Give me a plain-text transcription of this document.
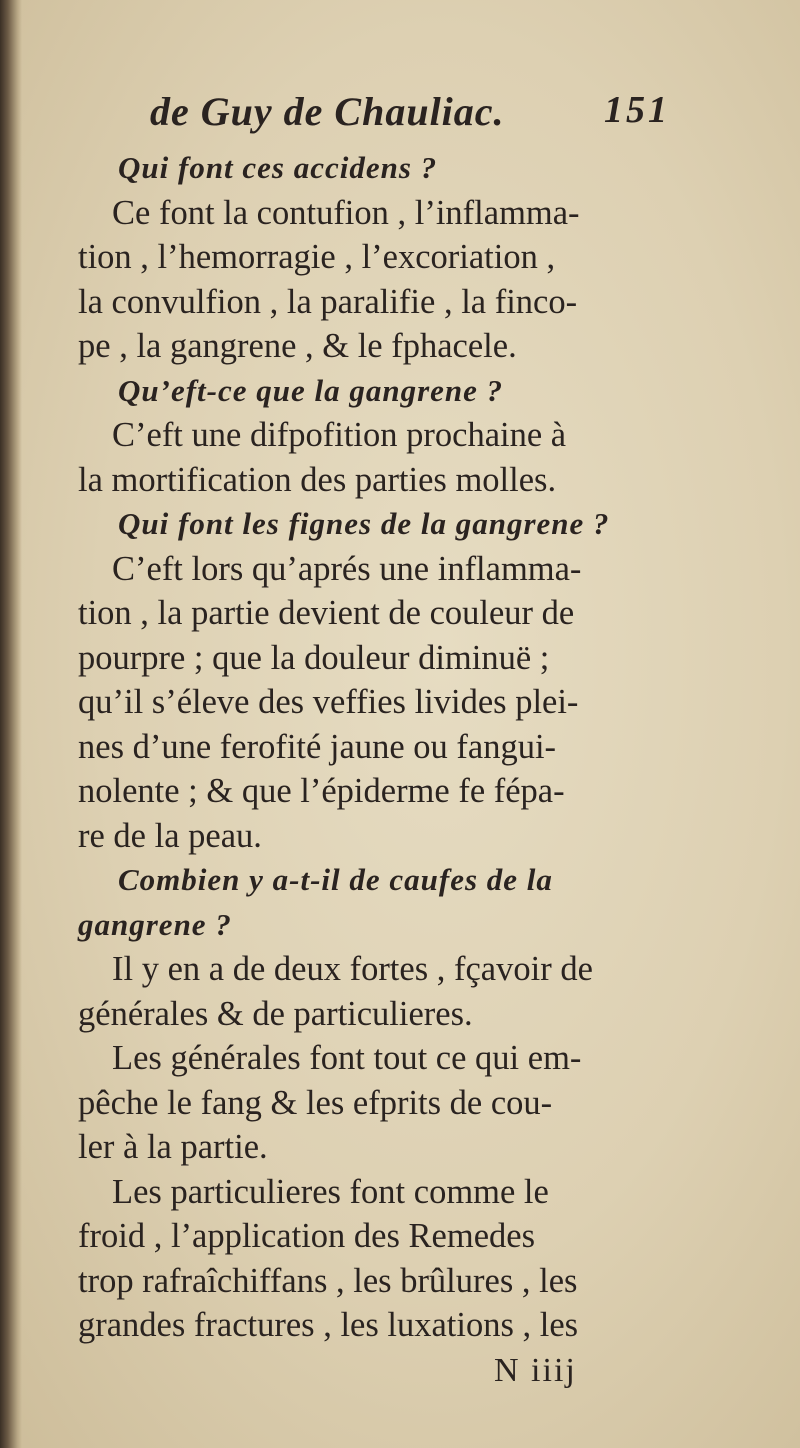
de Guy de Chauliac.	151
Qui font ces accidens ?
Ce font la contufion , l’inflamma-
tion , l’hemorragie , l’excoriation ,
la convulfion , la paralifie , la finco-
pe , la gangrene , & le fphacele.
Qu’eft-ce que la gangrene ?
C’eft une difpofition prochaine à
la mortification des parties molles.
Qui font les fignes de la gangrene ?
C’eft lors qu’aprés une inflamma-
tion , la partie devient de couleur de
pourpre ; que la douleur diminuë ;
qu’il s’éleve des veffies livides plei-
nes d’une ferofité jaune ou fangui-
nolente ; & que l’épiderme fe fépa-
re de la peau.
Combien y a-t-il de caufes de la
gangrene ?
Il y en a de deux fortes , fçavoir de
générales & de particulieres.
Les générales font tout ce qui em-
pêche le fang & les efprits de cou-
ler à la partie.
Les particulieres font comme le
froid , l’application des Remedes
trop rafraîchiffans , les brûlures , les
grandes fractures , les luxations , les
N iiij
